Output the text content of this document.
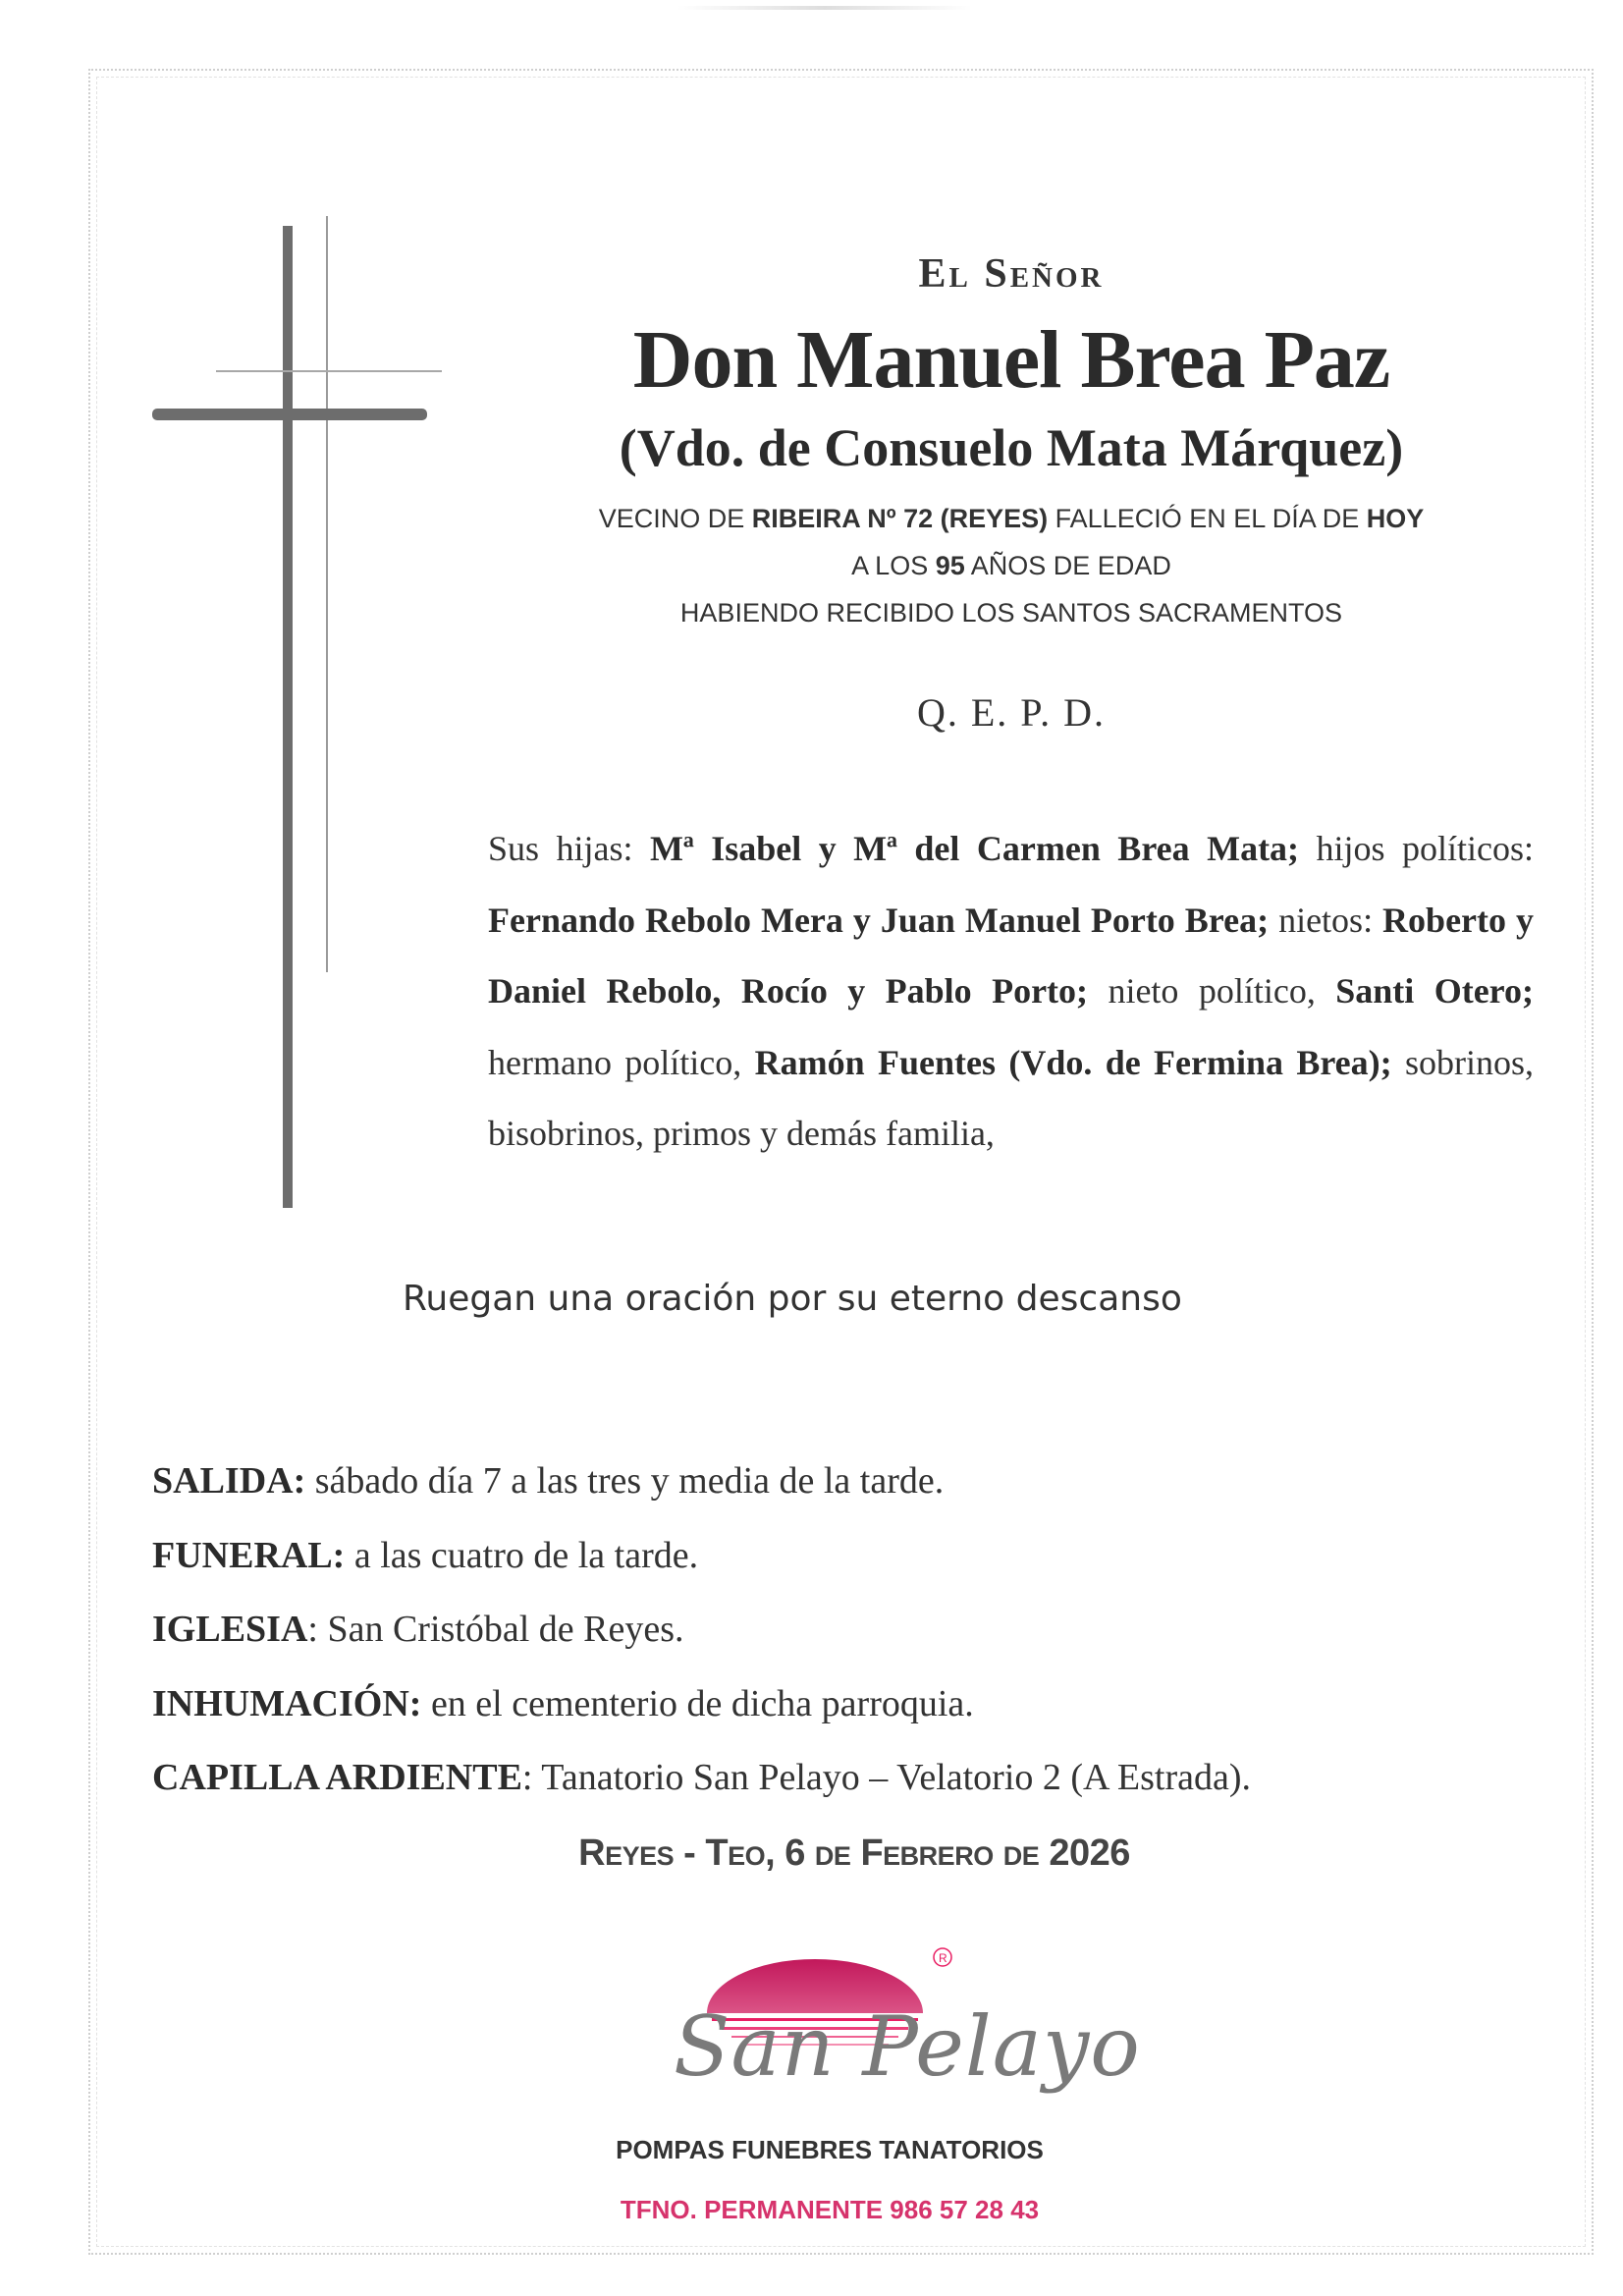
El Señor
Don Manuel Brea Paz
(Vdo. de Consuelo Mata Márquez)
VECINO DE RIBEIRA Nº 72 (REYES) FALLECIÓ EN EL DÍA DE HOY
A LOS 95 AÑOS DE EDAD
HABIENDO RECIBIDO LOS SANTOS SACRAMENTOS
Q. E. P. D.
Sus hijas: Mª Isabel y Mª del Carmen Brea Mata; hijos políticos: Fernando Rebolo Mera y Juan Manuel Porto Brea; nietos: Roberto y Daniel Rebolo, Rocío y Pablo Porto; nieto político, Santi Otero; hermano político, Ramón Fuentes (Vdo. de Fermina Brea); sobrinos, bisobrinos, primos y demás familia,
Ruegan una oración por su eterno descanso
SALIDA: sábado día 7 a las tres y media de la tarde.
FUNERAL: a las cuatro de la tarde.
IGLESIA: San Cristóbal de Reyes.
INHUMACIÓN: en el cementerio de dicha parroquia.
CAPILLA ARDIENTE: Tanatorio San Pelayo – Velatorio 2 (A Estrada).
Reyes - Teo, 6 de Febrero de 2026
R
San Pelayo
POMPAS FUNEBRES TANATORIOS
TFNO. PERMANENTE 986 57 28 43
